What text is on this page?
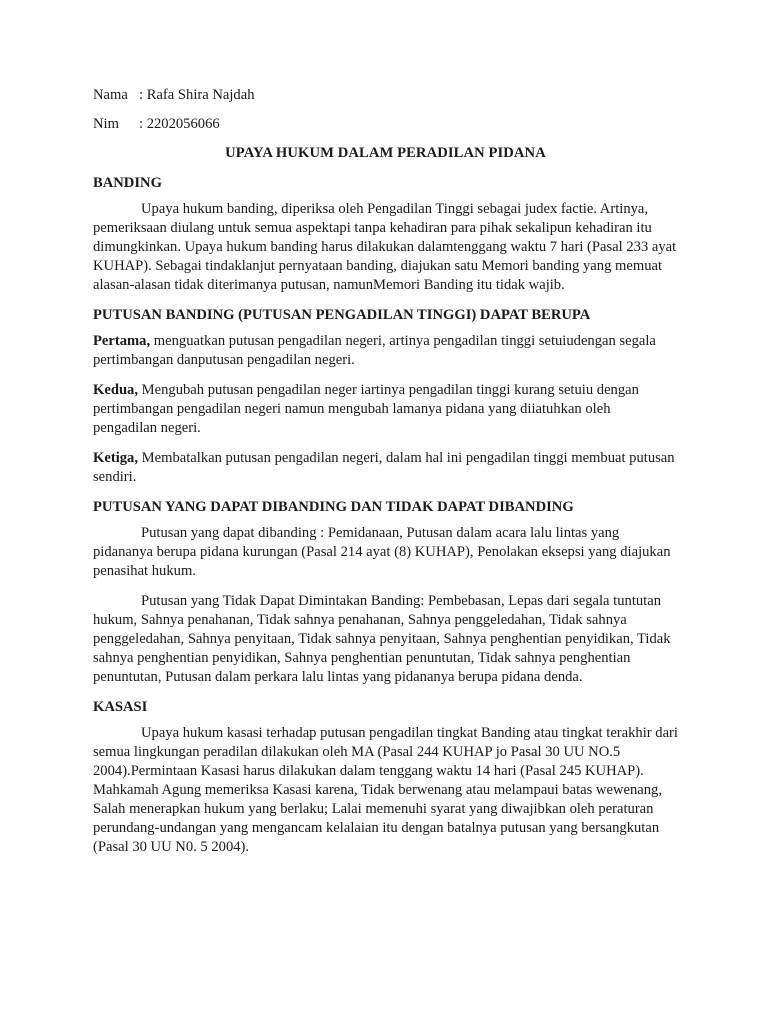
Nama : Rafa Shira Najdah
Nim	: 2202056066
UPAYA HUKUM DALAM PERADILAN PIDANA
BANDING

Upaya hukum banding, diperiksa oleh Pengadilan Tinggi sebagai judex factie. Artinya, pemeriksaan diulang untuk semua aspektapi tanpa kehadiran para pihak sekalipun kehadiran itu dimungkinkan. Upaya hukum banding harus dilakukan dalamtenggang waktu 7 hari (Pasal 233 ayat KUHAP). Sebagai tindaklanjut pernyataan banding, diajukan satu Memori banding yang memuat alasan-alasan tidak diterimanya putusan, namunMemori Banding itu tidak wajib.

PUTUSAN BANDING (PUTUSAN PENGADILAN TINGGI) DAPAT BERUPA

Pertama, menguatkan putusan pengadilan negeri, artinya pengadilan tinggi setuiudengan segala pertimbangan danputusan pengadilan negeri.

Kedua, Mengubah putusan pengadilan neger iartinya pengadilan tinggi kurang setuiu dengan pertimbangan pengadilan negeri namun mengubah lamanya pidana yang diiatuhkan oleh pengadilan negeri.

Ketiga, Membatalkan putusan pengadilan negeri, dalam hal ini pengadilan tinggi membuat putusan sendiri.

PUTUSAN YANG DAPAT DIBANDING DAN TIDAK DAPAT DIBANDING

Putusan yang dapat dibanding : Pemidanaan, Putusan dalam acara lalu lintas yang pidananya berupa pidana kurungan (Pasal 214 ayat (8) KUHAP), Penolakan eksepsi yang diajukan penasihat hukum.

Putusan yang Tidak Dapat Dimintakan Banding: Pembebasan, Lepas dari segala tuntutan hukum, Sahnya penahanan, Tidak sahnya penahanan, Sahnya penggeledahan, Tidak sahnya penggeledahan, Sahnya penyitaan, Tidak sahnya penyitaan, Sahnya penghentian penyidikan, Tidak sahnya penghentian penyidikan, Sahnya penghentian penuntutan, Tidak sahnya penghentian penuntutan, Putusan dalam perkara lalu lintas yang pidananya berupa pidana denda.

KASASI

Upaya hukum kasasi terhadap putusan pengadilan tingkat Banding atau tingkat terakhir dari semua lingkungan peradilan dilakukan oleh MA (Pasal 244 KUHAP jo Pasal 30 UU NO.5 2004).Permintaan Kasasi harus dilakukan dalam tenggang waktu 14 hari (Pasal 245 KUHAP). Mahkamah Agung memeriksa Kasasi karena, Tidak berwenang atau melampaui batas wewenang, Salah menerapkan hukum yang berlaku; Lalai memenuhi syarat yang diwajibkan oleh peraturan perundang-undangan yang mengancam kelalaian itu dengan batalnya putusan yang bersangkutan (Pasal 30 UU N0. 5 2004).
